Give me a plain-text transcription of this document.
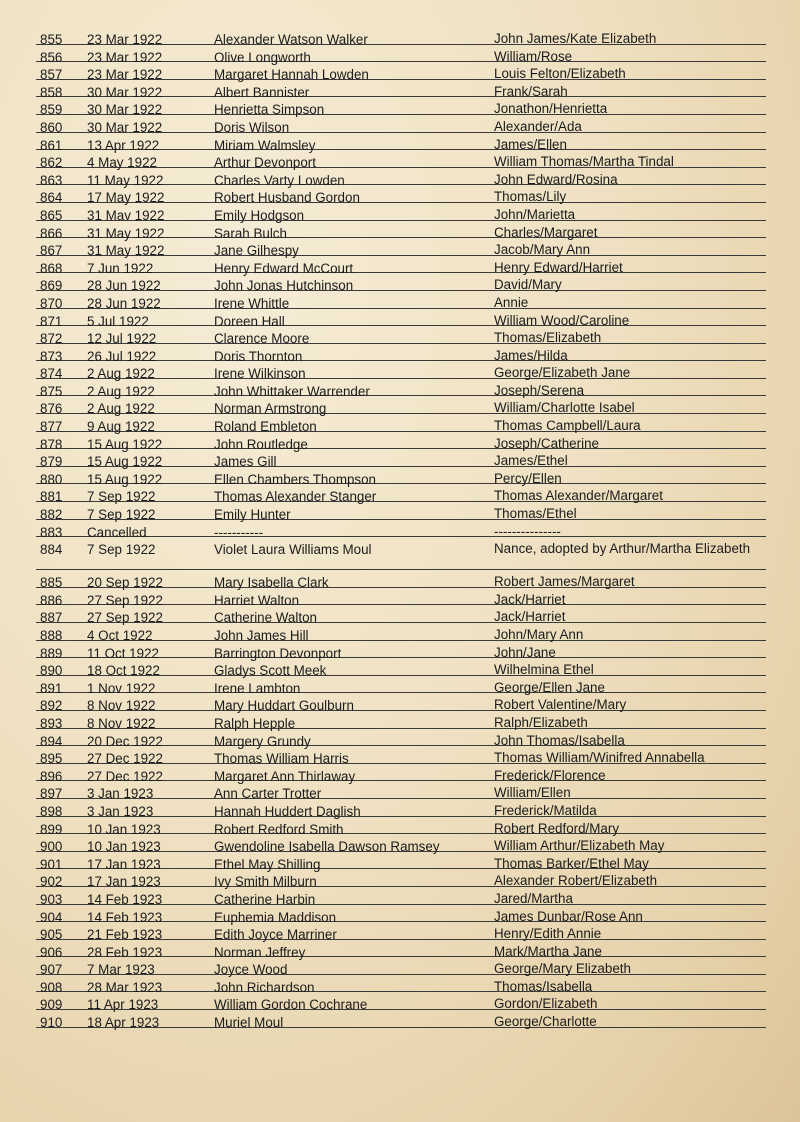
855 23 Mar 1922	Alexander Watson Walker	John James/Kate Elizabeth
856 23 Mar 1922	Olive Longworth	William/Rose
857 23 Mar 1922	Margaret Hannah Lowden	Louis Felton/Elizabeth
858 30 Mar 1922	Albert Bannister	Frank/Sarah
859 30 Mar 1922	Henrietta Simpson	Jonathon/Henrietta
860 30 Mar 1922	Doris Wilson	Alexander/Ada
861 13 Apr 1922	Miriam Walmsley	James/Ellen
862 4 May 1922	Arthur Devonport	William Thomas/Martha Tindal
863 11 May 1922	Charles Varty Lowden	John Edward/Rosina
864 17 May 1922	Robert Husband Gordon	Thomas/Lily
865 31 Mav 1922	Emily Hodgson	John/Marietta
866 31 May 1922	Sarah Bulch	Charles/Margaret
867 31 May 1922	Jane Gilhespy	Jacob/Mary Ann
868 7 Jun 1922	Henry Edward McCourt	Henry Edward/Harriet
869 28 Jun 1922	John Jonas Hutchinson	David/Mary
870 28 Jun 1922	Irene Whittle	Annie
871 5 Jul 1922	Doreen Hall	William Wood/Caroline
872 12 Jul 1922	Clarence Moore	Thomas/Elizabeth
873 26 Jul 1922	Doris Thornton	James/Hilda
874 2 Aug 1922	Irene Wilkinson	George/Elizabeth Jane
875 2 Aug 1922	John Whittaker Warrender	Joseph/Serena
876 2 Aug 1922	Norman Armstrong	William/Charlotte Isabel
877 9 Aug 1922	Roland Embleton	Thomas Campbell/Laura
878 15 Aug 1922	John Routledge	Joseph/Catherine
879 15 Aug 1922	James Gill	James/Ethel
880 15 Aug 1922	Ellen Chambers Thompson	Percy/Ellen
881 7 Sep 1922	Thomas Alexander Stanger	Thomas Alexander/Margaret
882 7 Sep 1922	Emily Hunter	Thomas/Ethel
883 Cancelled	-----------	---------------
884 7 Sep 1922	Violet Laura Williams Moul	Nance, adopted by Arthur/Martha Elizabeth
885 20 Sep 1922	Mary Isabella Clark	Robert James/Margaret
886 27 Sep 1922	Harriet Walton	Jack/Harriet
887 27 Sep 1922	Catherine Walton	Jack/Harriet
888 4 Oct 1922	John James Hill	John/Mary Ann
889 11 Oct 1922	Barrington Devonport	John/Jane
890 18 Oct 1922	Gladys Scott Meek	Wilhelmina Ethel
891 1 Nov 1922	Irene Lambton	George/Ellen Jane
892 8 Nov 1922	Mary Huddart Goulburn	Robert Valentine/Mary
893 8 Nov 1922	Ralph Hepple	Ralph/Elizabeth
894 20 Dec 1922	Margery Grundy	John Thomas/Isabella
895 27 Dec 1922	Thomas William Harris	Thomas William/Winifred Annabella
896 27 Dec 1922	Margaret Ann Thirlaway	Frederick/Florence
897 3 Jan 1923	Ann Carter Trotter	William/Ellen
898 3 Jan 1923	Hannah Huddert Daglish	Frederick/Matilda
899 10 Jan 1923	Robert Redford Smith	Robert Redford/Mary
900 10 Jan 1923	Gwendoline Isabella Dawson Ramsey	William Arthur/Elizabeth May
901 17 Jan 1923	Ethel May Shilling	Thomas Barker/Ethel May
902 17 Jan 1923	Ivy Smith Milburn	Alexander Robert/Elizabeth
903 14 Feb 1923	Catherine Harbin	Jared/Martha
904 14 Feb 1923	Euphemia Maddison	James Dunbar/Rose Ann
905 21 Feb 1923	Edith Joyce Marriner	Henry/Edith Annie
906 28 Feb 1923	Norman Jeffrey	Mark/Martha Jane
907 7 Mar 1923	Joyce Wood	George/Mary Elizabeth
908 28 Mar 1923	John Richardson	Thomas/Isabella
909 11 Apr 1923	William Gordon Cochrane	Gordon/Elizabeth
910 18 Apr 1923	Muriel Moul	George/Charlotte
